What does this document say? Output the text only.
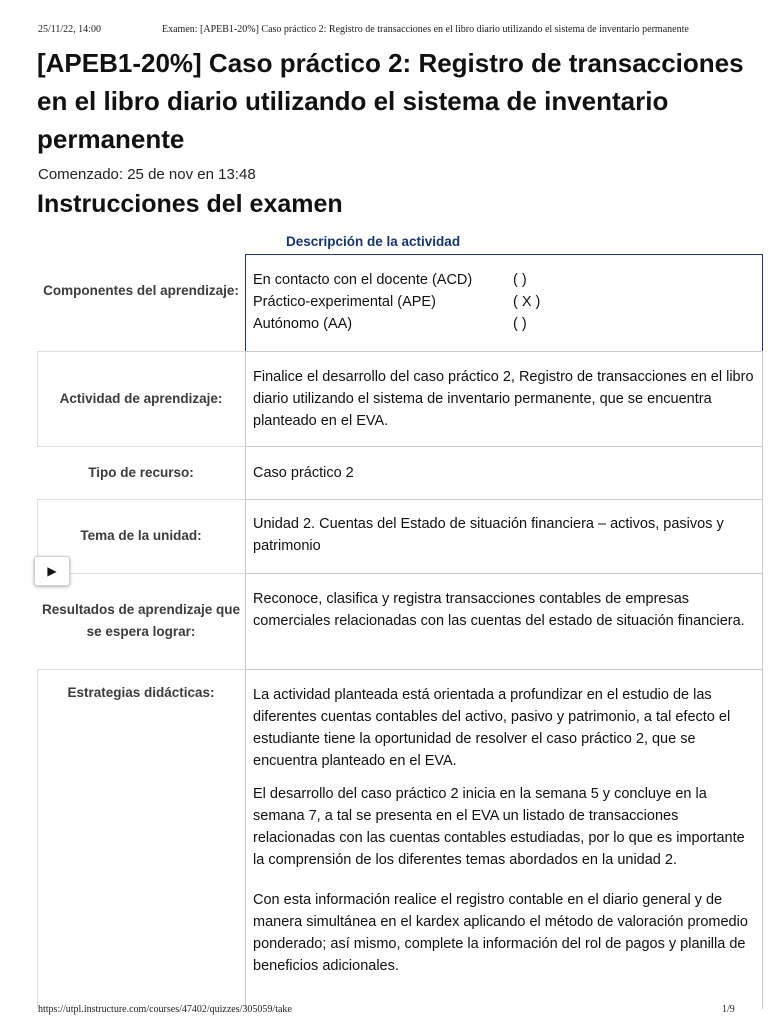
25/11/22, 14:00	Examen: [APEB1-20%] Caso práctico 2: Registro de transacciones en el libro diario utilizando el sistema de inventario permanente
[APEB1-20%] Caso práctico 2: Registro de transacciones en el libro diario utilizando el sistema de inventario permanente
Comenzado: 25 de nov en 13:48
Instrucciones del examen
Descripción de la actividad
Componentes del aprendizaje:
En contacto con el docente (ACD)	( )
Práctico-experimental (APE)	( X )
Autónomo (AA)	( )
Actividad de aprendizaje:
Finalice el desarrollo del caso práctico 2, Registro de transacciones en el libro diario utilizando el sistema de inventario permanente, que se encuentra planteado en el EVA.
Tipo de recurso:	Caso práctico 2
Tema de la unidad:
Unidad 2. Cuentas del Estado de situación financiera – activos, pasivos y patrimonio
Resultados de aprendizaje que se espera lograr:
Reconoce, clasifica y registra transacciones contables de empresas comerciales relacionadas con las cuentas del estado de situación financiera.
Estrategias didácticas:	La actividad planteada está orientada a profundizar en el estudio de las diferentes cuentas contables del activo, pasivo y patrimonio, a tal efecto el estudiante tiene la oportunidad de resolver el caso práctico 2, que se encuentra planteado en el EVA.

El desarrollo del caso práctico 2 inicia en la semana 5 y concluye en la semana 7, a tal se presenta en el EVA un listado de transacciones relacionadas con las cuentas contables estudiadas, por lo que es importante la comprensión de los diferentes temas abordados en la unidad 2.

Con esta información realice el registro contable en el diario general y de manera simultánea en el kardex aplicando el método de valoración promedio ponderado; así mismo, complete la información del rol de pagos y planilla de beneficios adicionales.

▶
https://utpl.instructure.com/courses/47402/quizzes/305059/take	1/9
